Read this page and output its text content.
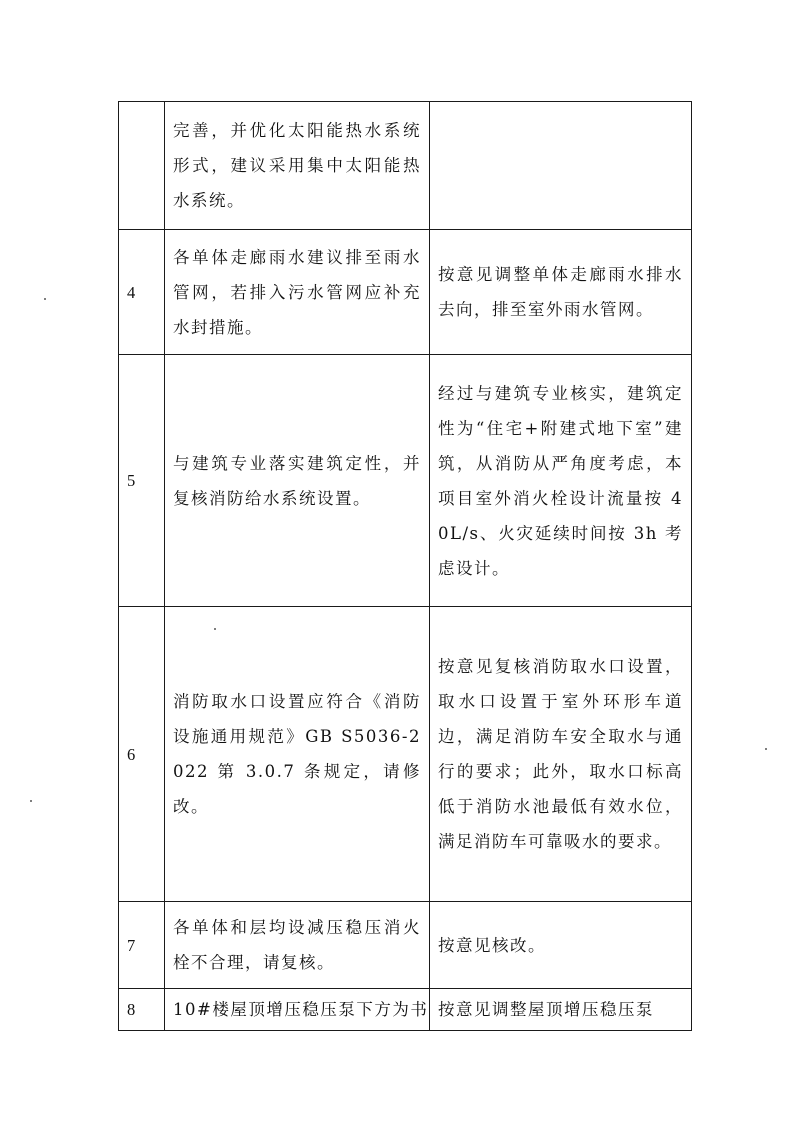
	完善，并优化太阳能热水系统形式，建议采用集中太阳能热水系统。	
4	各单体走廊雨水建议排至雨水管网，若排入污水管网应补充水封措施。	按意见调整单体走廊雨水排水去向，排至室外雨水管网。
5	与建筑专业落实建筑定性，并复核消防给水系统设置。	经过与建筑专业核实，建筑定性为“住宅+附建式地下室”建筑，从消防从严角度考虑，本项目室外消火栓设计流量按 40L/s、火灾延续时间按 3h 考虑设计。
6	消防取水口设置应符合《消防设施通用规范》GB S5036-2022 第 3.0.7 条规定，请修改。	按意见复核消防取水口设置，取水口设置于室外环形车道边，满足消防车安全取水与通行的要求；此外，取水口标高低于消防水池最低有效水位，满足消防车可靠吸水的要求。
7	各单体和层均设减压稳压消火栓不合理，请复核。	按意见核改。
8	10#楼屋顶增压稳压泵下方为书	按意见调整屋顶增压稳压泵
